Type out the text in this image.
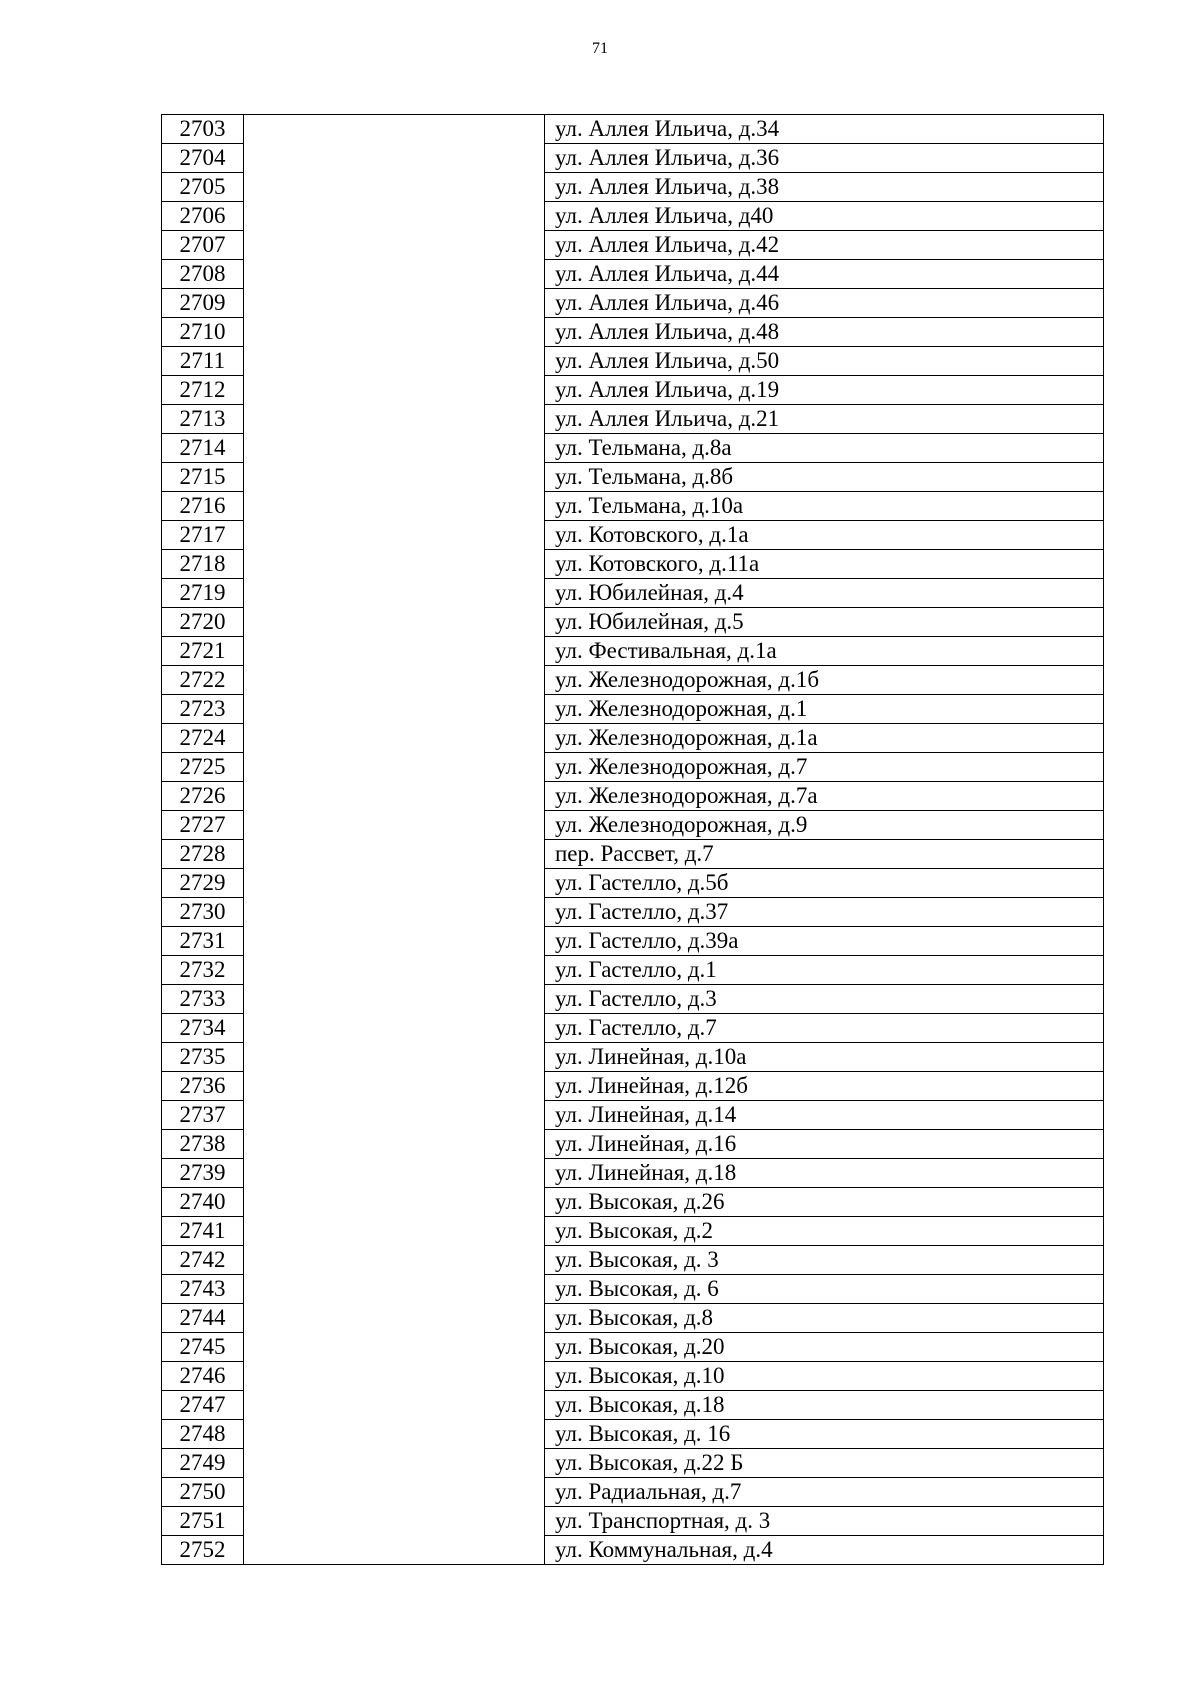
71
2703		ул. Аллея Ильича, д.34
2704		ул. Аллея Ильича, д.36
2705		ул. Аллея Ильича, д.38
2706		ул. Аллея Ильича, д40
2707		ул. Аллея Ильича, д.42
2708		ул. Аллея Ильича, д.44
2709		ул. Аллея Ильича, д.46
2710		ул. Аллея Ильича, д.48
2711		ул. Аллея Ильича, д.50
2712		ул. Аллея Ильича, д.19
2713		ул. Аллея Ильича, д.21
2714		ул. Тельмана, д.8а
2715		ул. Тельмана, д.8б
2716		ул. Тельмана, д.10а
2717		ул. Котовского, д.1а
2718		ул. Котовского, д.11а
2719		ул. Юбилейная, д.4
2720		ул. Юбилейная, д.5
2721		ул. Фестивальная, д.1а
2722		ул. Железнодорожная, д.1б
2723		ул. Железнодорожная, д.1
2724		ул. Железнодорожная, д.1а
2725		ул. Железнодорожная, д.7
2726		ул. Железнодорожная, д.7а
2727		ул. Железнодорожная, д.9
2728		пер. Рассвет, д.7
2729		ул. Гастелло, д.5б
2730		ул. Гастелло, д.37
2731		ул. Гастелло, д.39а
2732		ул. Гастелло, д.1
2733		ул. Гастелло, д.3
2734		ул. Гастелло, д.7
2735		ул. Линейная, д.10а
2736		ул. Линейная, д.12б
2737		ул. Линейная, д.14
2738		ул. Линейная, д.16
2739		ул. Линейная, д.18
2740		ул. Высокая, д.26
2741		ул. Высокая, д.2
2742		ул. Высокая, д. 3
2743		ул. Высокая, д. 6
2744		ул. Высокая, д.8
2745		ул. Высокая, д.20
2746		ул. Высокая, д.10
2747		ул. Высокая, д.18
2748		ул. Высокая, д. 16
2749		ул. Высокая, д.22 Б
2750		ул. Радиальная, д.7
2751		ул. Транспортная, д. 3
2752		ул. Коммунальная, д.4
